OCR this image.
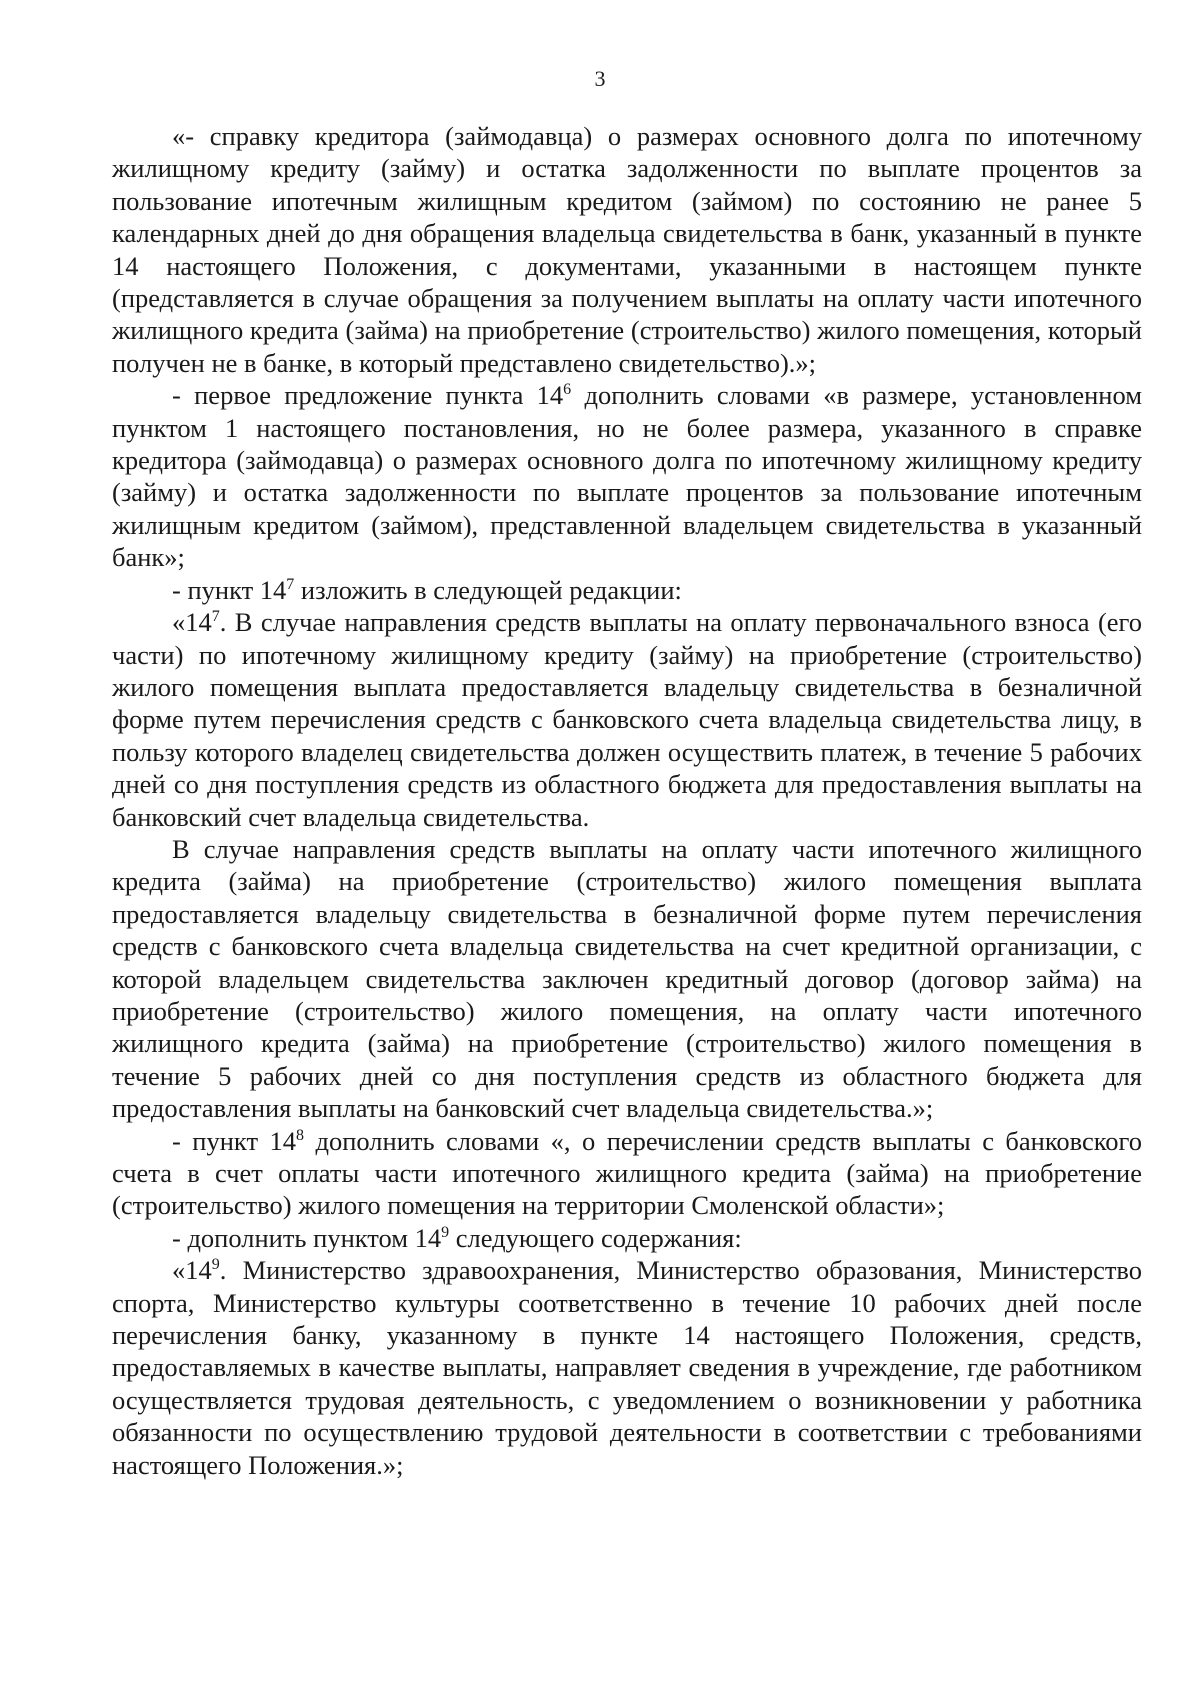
3

«- справку кредитора (займодавца) о размерах основного долга по ипотечному жилищному кредиту (займу) и остатка задолженности по выплате процентов за пользование ипотечным жилищным кредитом (займом) по состоянию не ранее 5 календарных дней до дня обращения владельца свидетельства в банк, указанный в пункте 14 настоящего Положения, с документами, указанными в настоящем пункте (представляется в случае обращения за получением выплаты на оплату части ипотечного жилищного кредита (займа) на приобретение (строительство) жилого помещения, который получен не в банке, в который представлено свидетельство).»;

- первое предложение пункта $14^6$ дополнить словами «в размере, установленном пунктом 1 настоящего постановления, но не более размера, указанного в справке кредитора (займодавца) о размерах основного долга по ипотечному жилищному кредиту (займу) и остатка задолженности по выплате процентов за пользование ипотечным жилищным кредитом (займом), представленной владельцем свидетельства в указанный банк»;

- пункт $14^7$ изложить в следующей редакции:

«$14^7$. В случае направления средств выплаты на оплату первоначального взноса (его части) по ипотечному жилищному кредиту (займу) на приобретение (строительство) жилого помещения выплата предоставляется владельцу свидетельства в безналичной форме путем перечисления средств с банковского счета владельца свидетельства лицу, в пользу которого владелец свидетельства должен осуществить платеж, в течение 5 рабочих дней со дня поступления средств из областного бюджета для предоставления выплаты на банковский счет владельца свидетельства.

В случае направления средств выплаты на оплату части ипотечного жилищного кредита (займа) на приобретение (строительство) жилого помещения выплата предоставляется владельцу свидетельства в безналичной форме путем перечисления средств с банковского счета владельца свидетельства на счет кредитной организации, с которой владельцем свидетельства заключен кредитный договор (договор займа) на приобретение (строительство) жилого помещения, на оплату части ипотечного жилищного кредита (займа) на приобретение (строительство) жилого помещения в течение 5 рабочих дней со дня поступления средств из областного бюджета для предоставления выплаты на банковский счет владельца свидетельства.»;

- пункт $14^8$ дополнить словами «, о перечислении средств выплаты с банковского счета в счет оплаты части ипотечного жилищного кредита (займа) на приобретение (строительство) жилого помещения на территории Смоленской области»;

- дополнить пунктом $14^9$ следующего содержания:

«$14^9$. Министерство здравоохранения, Министерство образования, Министерство спорта, Министерство культуры соответственно в течение 10 рабочих дней после перечисления банку, указанному в пункте 14 настоящего Положения, средств, предоставляемых в качестве выплаты, направляет сведения в учреждение, где работником осуществляется трудовая деятельность, с уведомлением о возникновении у работника обязанности по осуществлению трудовой деятельности в соответствии с требованиями настоящего Положения.»;
